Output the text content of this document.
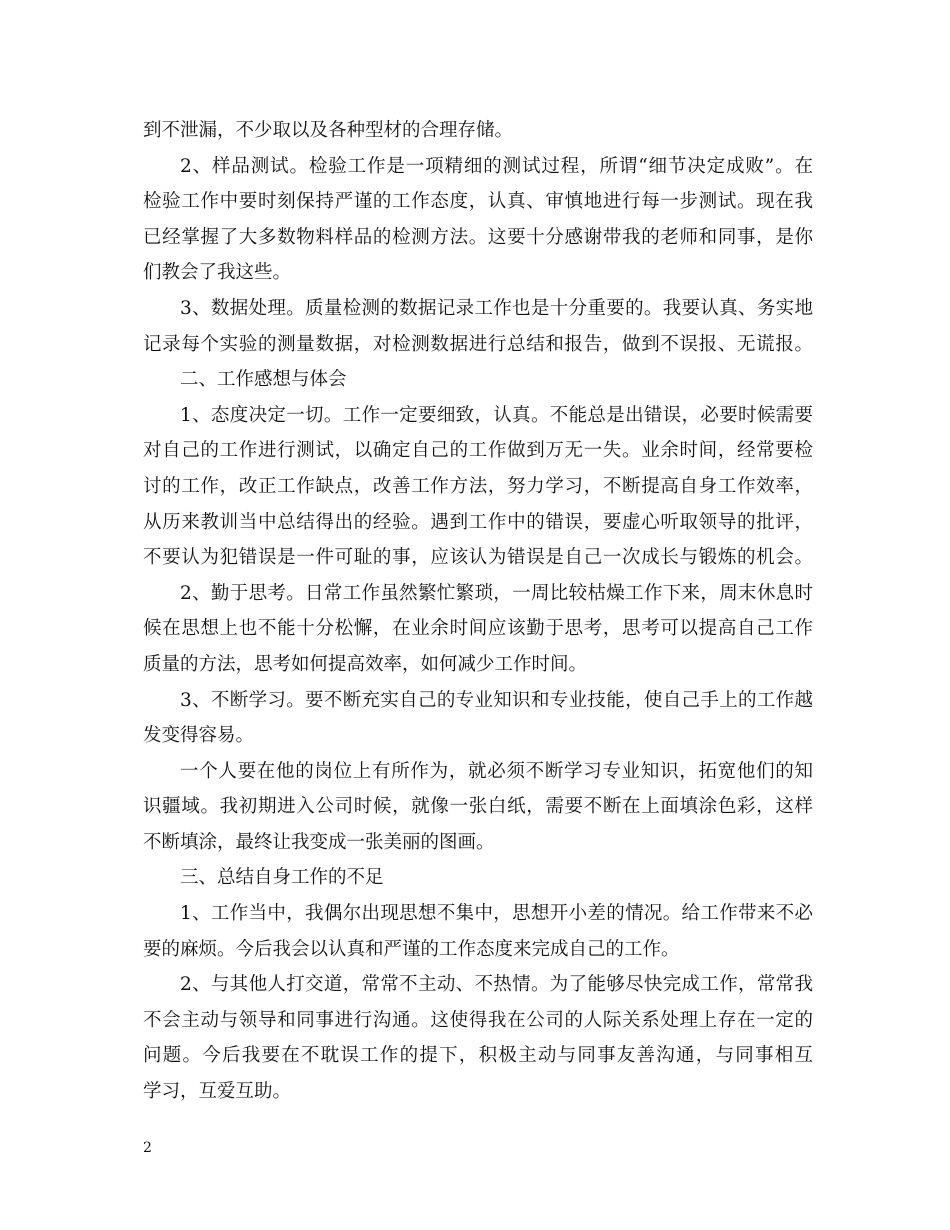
到不泄漏，不少取以及各种型材的合理存储。
2、样品测试。检验工作是一项精细的测试过程，所谓“细节决定成败”。在
检验工作中要时刻保持严谨的工作态度，认真、审慎地进行每一步测试。现在我
已经掌握了大多数物料样品的检测方法。这要十分感谢带我的老师和同事，是你
们教会了我这些。
3、数据处理。质量检测的数据记录工作也是十分重要的。我要认真、务实地
记录每个实验的测量数据，对检测数据进行总结和报告，做到不误报、无谎报。
二、工作感想与体会
1、态度决定一切。工作一定要细致，认真。不能总是出错误，必要时候需要
对自己的工作进行测试，以确定自己的工作做到万无一失。业余时间，经常要检
讨的工作，改正工作缺点，改善工作方法，努力学习，不断提高自身工作效率，
从历来教训当中总结得出的经验。遇到工作中的错误，要虚心听取领导的批评，
不要认为犯错误是一件可耻的事，应该认为错误是自己一次成长与锻炼的机会。
2、勤于思考。日常工作虽然繁忙繁琐，一周比较枯燥工作下来，周末休息时
候在思想上也不能十分松懈，在业余时间应该勤于思考，思考可以提高自己工作
质量的方法，思考如何提高效率，如何减少工作时间。
3、不断学习。要不断充实自己的专业知识和专业技能，使自己手上的工作越
发变得容易。
一个人要在他的岗位上有所作为，就必须不断学习专业知识，拓宽他们的知
识疆域。我初期进入公司时候，就像一张白纸，需要不断在上面填涂色彩，这样
不断填涂，最终让我变成一张美丽的图画。
三、总结自身工作的不足
1、工作当中，我偶尔出现思想不集中，思想开小差的情况。给工作带来不必
要的麻烦。今后我会以认真和严谨的工作态度来完成自己的工作。
2、与其他人打交道，常常不主动、不热情。为了能够尽快完成工作，常常我
不会主动与领导和同事进行沟通。这使得我在公司的人际关系处理上存在一定的
问题。今后我要在不耽误工作的提下，积极主动与同事友善沟通，与同事相互
学习，互爱互助。
2
